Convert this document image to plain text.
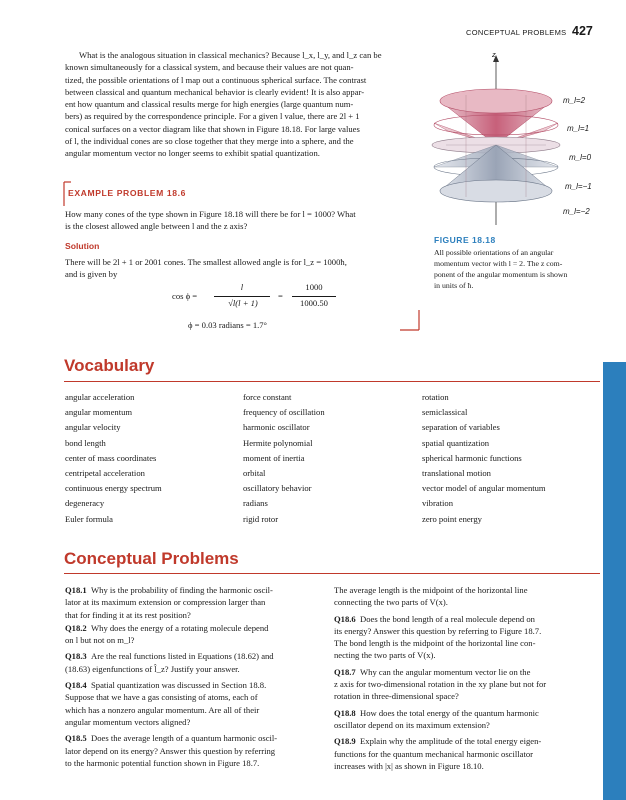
CONCEPTUAL PROBLEMS 427
What is the analogous situation in classical mechanics? Because l_x, l_y, and l_z can be
known simultaneously for a classical system, and because their values are not quan-
tized, the possible orientations of l map out a continuous spherical surface. The contrast
between classical and quantum mechanical behavior is clearly evident! It is also appar-
ent how quantum and classical results merge for high energies (large quantum num-
bers) as required by the correspondence principle. For a given l value, there are 2l + 1
conical surfaces on a vector diagram like that shown in Figure 18.18. For large values
of l, the individual cones are so close together that they merge into a sphere, and the
angular momentum vector no longer seems to exhibit spatial quantization.
EXAMPLE PROBLEM 18.6
How many cones of the type shown in Figure 18.18 will there be for l = 1000? What
is the closest allowed angle between l and the z axis?
Solution
There will be 2l + 1 or 2001 cones. The smallest allowed angle is for l_z = 1000ħ,
and is given by
cos ϕ =
l
√l(l + 1)
=
1000
1000.50
ϕ = 0.03 radians = 1.7°
z
m_l=2
m_l=1
m_l=0
m_l=−1
m_l=−2
FIGURE 18.18
All possible orientations of an angular
momentum vector with l = 2. The z com-
ponent of the angular momentum is shown
in units of ħ.
Vocabulary
angular acceleration
angular momentum
angular velocity
bond length
center of mass coordinates
centripetal acceleration
continuous energy spectrum
degeneracy
Euler formula
force constant
frequency of oscillation
harmonic oscillator
Hermite polynomial
moment of inertia
orbital
oscillatory behavior
radians
rigid rotor
rotation
semiclassical
separation of variables
spatial quantization
spherical harmonic functions
translational motion
vector model of angular momentum
vibration
zero point energy
Conceptual Problems
Q18.1 Why is the probability of finding the harmonic oscil-
lator at its maximum extension or compression larger than
that for finding it at its rest position?
Q18.2 Why does the energy of a rotating molecule depend
on l but not on m_l?
Q18.3 Are the real functions listed in Equations (18.62) and
(18.63) eigenfunctions of l̂_z? Justify your answer.
Q18.4 Spatial quantization was discussed in Section 18.8.
Suppose that we have a gas consisting of atoms, each of
which has a nonzero angular momentum. Are all of their
angular momentum vectors aligned?
Q18.5 Does the average length of a quantum harmonic oscil-
lator depend on its energy? Answer this question by referring
to the harmonic potential function shown in Figure 18.7.
The average length is the midpoint of the horizontal line
connecting the two parts of V(x).
Q18.6 Does the bond length of a real molecule depend on
its energy? Answer this question by referring to Figure 18.7.
The bond length is the midpoint of the horizontal line con-
necting the two parts of V(x).
Q18.7 Why can the angular momentum vector lie on the
z axis for two-dimensional rotation in the xy plane but not for
rotation in three-dimensional space?
Q18.8 How does the total energy of the quantum harmonic
oscillator depend on its maximum extension?
Q18.9 Explain why the amplitude of the total energy eigen-
functions for the quantum mechanical harmonic oscillator
increases with |x| as shown in Figure 18.10.
